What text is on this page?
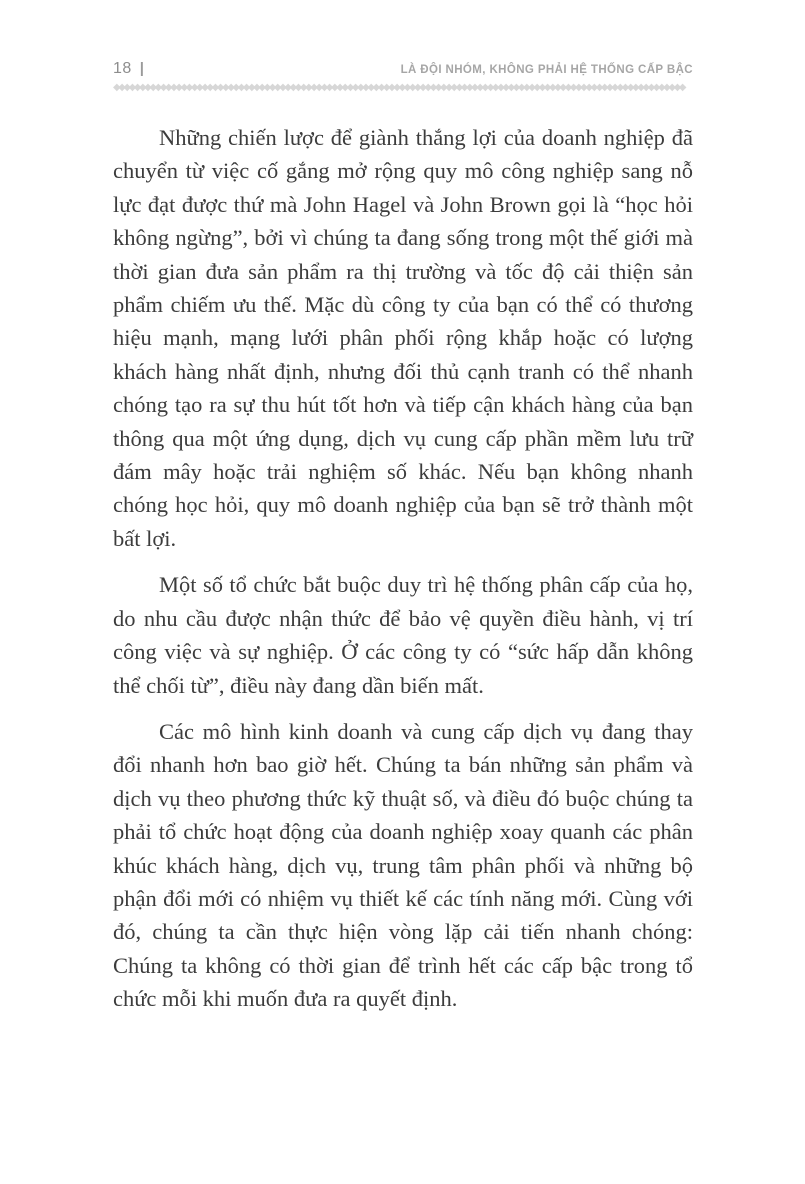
18 |	LÀ ĐỘI NHÓM, KHÔNG PHẢI HỆ THỐNG CẤP BẬC
◆◆◆◆◆◆◆◆◆◆◆◆◆◆◆◆◆◆◆◆◆◆◆◆◆◆◆◆◆◆◆◆◆◆◆◆◆◆◆◆◆◆◆◆◆◆◆◆◆◆◆◆◆◆◆◆◆◆◆◆◆◆◆◆◆◆◆◆◆◆◆◆◆◆◆◆◆◆◆◆◆◆◆◆◆◆◆◆◆◆◆◆◆◆◆◆◆◆◆◆◆◆◆◆◆◆◆◆◆◆

Những chiến lược để giành thắng lợi của doanh nghiệp đã chuyển từ việc cố gắng mở rộng quy mô công nghiệp sang nỗ lực đạt được thứ mà John Hagel và John Brown gọi là “học hỏi không ngừng”, bởi vì chúng ta đang sống trong một thế giới mà thời gian đưa sản phẩm ra thị trường và tốc độ cải thiện sản phẩm chiếm ưu thế. Mặc dù công ty của bạn có thể có thương hiệu mạnh, mạng lưới phân phối rộng khắp hoặc có lượng khách hàng nhất định, nhưng đối thủ cạnh tranh có thể nhanh chóng tạo ra sự thu hút tốt hơn và tiếp cận khách hàng của bạn thông qua một ứng dụng, dịch vụ cung cấp phần mềm lưu trữ đám mây hoặc trải nghiệm số khác. Nếu bạn không nhanh chóng học hỏi, quy mô doanh nghiệp của bạn sẽ trở thành một bất lợi.

Một số tổ chức bắt buộc duy trì hệ thống phân cấp của họ, do nhu cầu được nhận thức để bảo vệ quyền điều hành, vị trí công việc và sự nghiệp. Ở các công ty có “sức hấp dẫn không thể chối từ”, điều này đang dần biến mất.

Các mô hình kinh doanh và cung cấp dịch vụ đang thay đổi nhanh hơn bao giờ hết. Chúng ta bán những sản phẩm và dịch vụ theo phương thức kỹ thuật số, và điều đó buộc chúng ta phải tổ chức hoạt động của doanh nghiệp xoay quanh các phân khúc khách hàng, dịch vụ, trung tâm phân phối và những bộ phận đổi mới có nhiệm vụ thiết kế các tính năng mới. Cùng với đó, chúng ta cần thực hiện vòng lặp cải tiến nhanh chóng: Chúng ta không có thời gian để trình hết các cấp bậc trong tổ chức mỗi khi muốn đưa ra quyết định.
